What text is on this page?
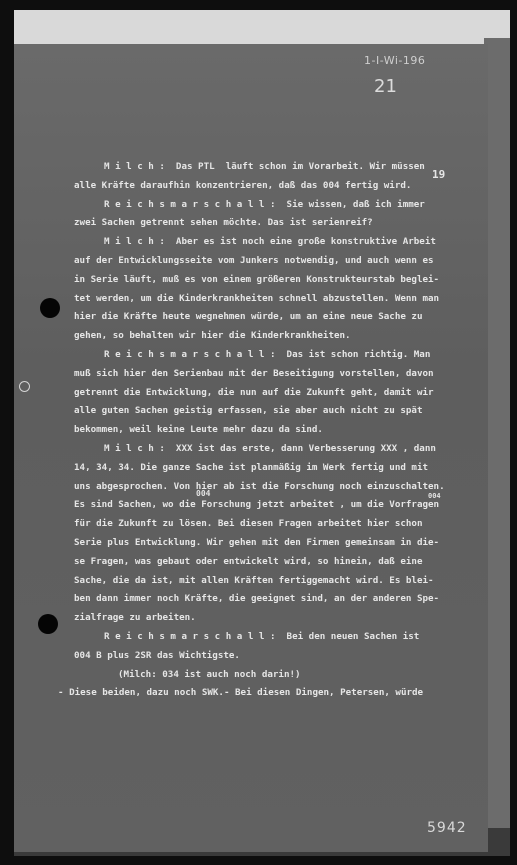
1-I-Wi-196
21
19
5942
M i l c h :  Das PTL  läuft schon im Vorarbeit. Wir müssen
alle Kräfte daraufhin konzentrieren, daß das 004 fertig wird.
R e i c h s m a r s c h a l l :  Sie wissen, daß ich immer
zwei Sachen getrennt sehen möchte. Das ist serienreif?
M i l c h :  Aber es ist noch eine große konstruktive Arbeit
auf der Entwicklungsseite vom Junkers notwendig, und auch wenn es
in Serie läuft, muß es von einem größeren Konstrukteurstab beglei-
tet werden, um die Kinderkrankheiten schnell abzustellen. Wenn man
hier die Kräfte heute wegnehmen würde, um an eine neue Sache zu
gehen, so behalten wir hier die Kinderkrankheiten.
R e i c h s m a r s c h a l l :  Das ist schon richtig. Man
muß sich hier den Serienbau mit der Beseitigung vorstellen, davon
getrennt die Entwicklung, die nun auf die Zukunft geht, damit wir
alle guten Sachen geistig erfassen, sie aber auch nicht zu spät
bekommen, weil keine Leute mehr dazu da sind.
M i l c h :  XXX ist das erste, dann Verbesserung XXX , dann
14, 34, 34. Die ganze Sache ist planmäßig im Werk fertig und mit
uns abgesprochen. Von hier ab ist die Forschung noch einzuschalten.
Es sind Sachen, wo die Forschung jetzt arbeitet , um die Vorfragen
für die Zukunft zu lösen. Bei diesen Fragen arbeitet hier schon
Serie plus Entwicklung. Wir gehen mit den Firmen gemeinsam in die-
se Fragen, was gebaut oder entwickelt wird, so hinein, daß eine
Sache, die da ist, mit allen Kräften fertiggemacht wird. Es blei-
ben dann immer noch Kräfte, die geeignet sind, an der anderen Spe-
zialfrage zu arbeiten.
R e i c h s m a r s c h a l l :  Bei den neuen Sachen ist
004 B plus 2SR das Wichtigste.
(Milch: 034 ist auch noch darin!)
- Diese beiden, dazu noch SWK.- Bei diesen Dingen, Petersen, würde
004	004
